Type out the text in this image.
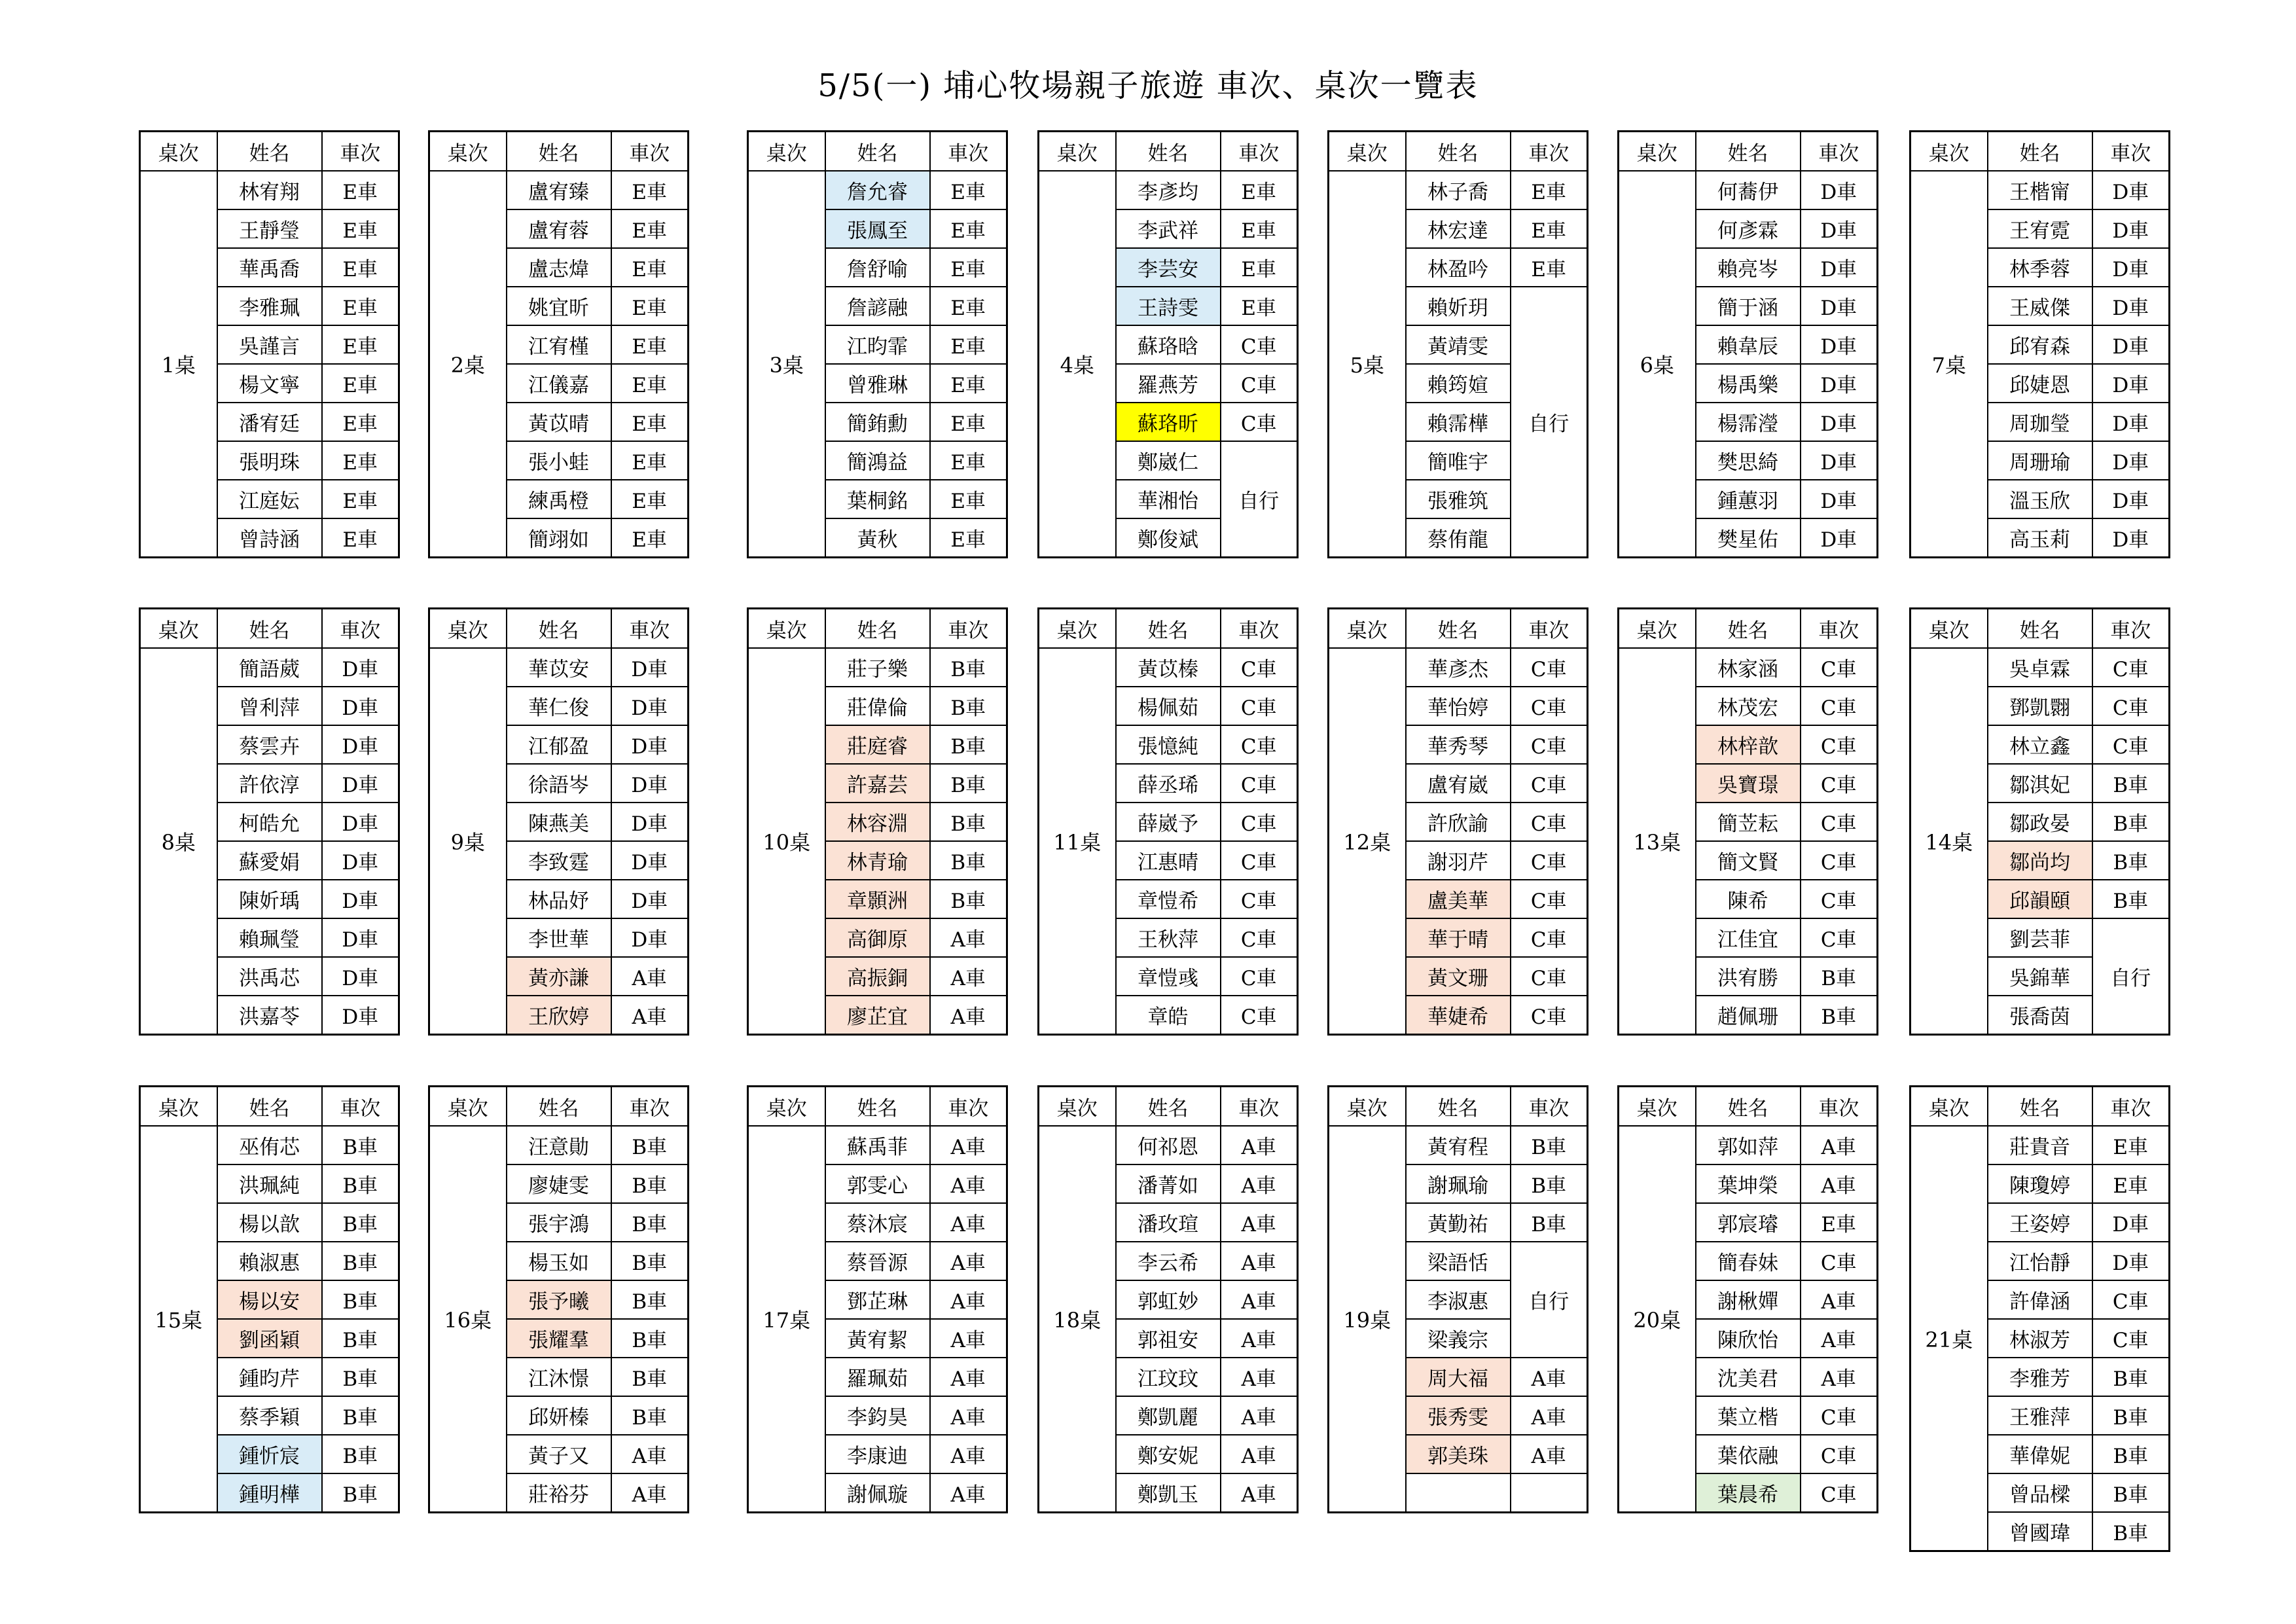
5/5(一) 埔心牧場親子旅遊 車次、桌次一覽表
桌次	姓名	車次
1桌	林宥翔	E車
	王靜瑩	E車
	華禹喬	E車
	李雅珮	E車
	吳謹言	E車
	楊文寧	E車
	潘宥廷	E車
	張明珠	E車
	江庭妘	E車
	曾詩涵	E車
桌次	姓名	車次
2桌	盧宥臻	E車
	盧宥蓉	E車
	盧志煒	E車
	姚宜昕	E車
	江宥槿	E車
	江儀嘉	E車
	黃苡晴	E車
	張小蛙	E車
	練禹橙	E車
	簡翊如	E車
桌次	姓名	車次
3桌	詹允睿	E車
	張鳳至	E車
	詹舒喻	E車
	詹諺融	E車
	江昀霏	E車
	曾雅琳	E車
	簡銪勳	E車
	簡鴻益	E車
	葉桐銘	E車
	黃秋	E車
桌次	姓名	車次
4桌	李彥均	E車
	李武祥	E車
	李芸安	E車
	王詩雯	E車
	蘇珞晗	C車
	羅燕芳	C車
	蘇珞昕	C車
	鄭崴仁	自行
	華湘怡	
	鄭俊斌	
桌次	姓名	車次
5桌	林子喬	E車
	林宏達	E車
	林盈吟	E車
	賴妡玥	自行
	黃靖雯	
	賴筠媗	
	賴霈樺	
	簡唯宇	
	張雅筑	
	蔡侑龍	
桌次	姓名	車次
6桌	何蕎伊	D車
	何彥霖	D車
	賴亮岑	D車
	簡于涵	D車
	賴韋辰	D車
	楊禹樂	D車
	楊霈瀅	D車
	樊思綺	D車
	鍾蕙羽	D車
	樊星佑	D車
桌次	姓名	車次
7桌	王楷甯	D車
	王宥霓	D車
	林季蓉	D車
	王威傑	D車
	邱宥森	D車
	邱婕恩	D車
	周珈瑩	D車
	周珊瑜	D車
	溫玉欣	D車
	高玉莉	D車
桌次	姓名	車次
8桌	簡語葳	D車
	曾利萍	D車
	蔡雲卉	D車
	許依淳	D車
	柯皓允	D車
	蘇愛娟	D車
	陳妡瑀	D車
	賴珮瑩	D車
	洪禹芯	D車
	洪嘉苓	D車
桌次	姓名	車次
9桌	華苡安	D車
	華仁俊	D車
	江郁盈	D車
	徐語岑	D車
	陳燕美	D車
	李致霆	D車
	林品妤	D車
	李世華	D車
	黃亦謙	A車
	王欣婷	A車
桌次	姓名	車次
10桌	莊子樂	B車
	莊偉倫	B車
	莊庭睿	B車
	許嘉芸	B車
	林容淵	B車
	林青瑜	B車
	章顥洲	B車
	高御原	A車
	高振銅	A車
	廖芷宜	A車
桌次	姓名	車次
11桌	黃苡榛	C車
	楊佩茹	C車
	張憶純	C車
	薛丞琋	C車
	薛崴予	C車
	江惠晴	C車
	章愷希	C車
	王秋萍	C車
	章愷彧	C車
	章皓	C車
桌次	姓名	車次
12桌	華彥杰	C車
	華怡婷	C車
	華秀琴	C車
	盧宥崴	C車
	許欣諭	C車
	謝羽芹	C車
	盧美華	C車
	華于晴	C車
	黃文珊	C車
	華婕希	C車
桌次	姓名	車次
13桌	林家涵	C車
	林茂宏	C車
	林梓歆	C車
	吳寶璟	C車
	簡苙耘	C車
	簡文賢	C車
	陳希	C車
	江佳宜	C車
	洪宥勝	B車
	趙佩珊	B車
桌次	姓名	車次
14桌	吳卓霖	C車
	鄧凱翾	C車
	林立鑫	C車
	鄒淇妃	B車
	鄒政晏	B車
	鄒尚均	B車
	邱韻頤	B車
	劉芸菲	自行
	吳錦華	
	張喬茵	
桌次	姓名	車次
15桌	巫侑芯	B車
	洪珮純	B車
	楊以歆	B車
	賴淑惠	B車
	楊以安	B車
	劉函穎	B車
	鍾昀芹	B車
	蔡季穎	B車
	鍾忻宸	B車
	鍾明樺	B車
桌次	姓名	車次
16桌	汪意勛	B車
	廖婕雯	B車
	張宇鴻	B車
	楊玉如	B車
	張予曦	B車
	張耀羣	B車
	江沐憬	B車
	邱妍榛	B車
	黃子又	A車
	莊裕芬	A車
桌次	姓名	車次
17桌	蘇禹菲	A車
	郭雯心	A車
	蔡沐宸	A車
	蔡晉源	A車
	鄧芷琳	A車
	黃宥絜	A車
	羅珮茹	A車
	李鈞昊	A車
	李康迪	A車
	謝佩璇	A車
桌次	姓名	車次
18桌	何祁恩	A車
	潘菁如	A車
	潘玫瑄	A車
	李云希	A車
	郭虹妙	A車
	郭祖安	A車
	江玟玟	A車
	鄭凱麗	A車
	鄭安妮	A車
	鄭凱玉	A車
桌次	姓名	車次
19桌	黃宥程	B車
	謝珮瑜	B車
	黃勤祐	B車
	梁語恬	自行
	李淑惠	
	梁義宗	
	周大福	A車
	張秀雯	A車
	郭美珠	A車

桌次	姓名	車次
20桌	郭如萍	A車
	葉坤榮	A車
	郭宸璿	E車
	簡春妹	C車
	謝楸嬋	A車
	陳欣怡	A車
	沈美君	A車
	葉立楷	C車
	葉依融	C車
	葉晨希	C車
桌次	姓名	車次
21桌	莊貴音	E車
	陳瓊婷	E車
	王姿婷	D車
	江怡靜	D車
	許偉涵	C車
	林淑芳	C車
	李雅芳	B車
	王雅萍	B車
	華偉妮	B車
	曾品樑	B車
	曾國瑋	B車
